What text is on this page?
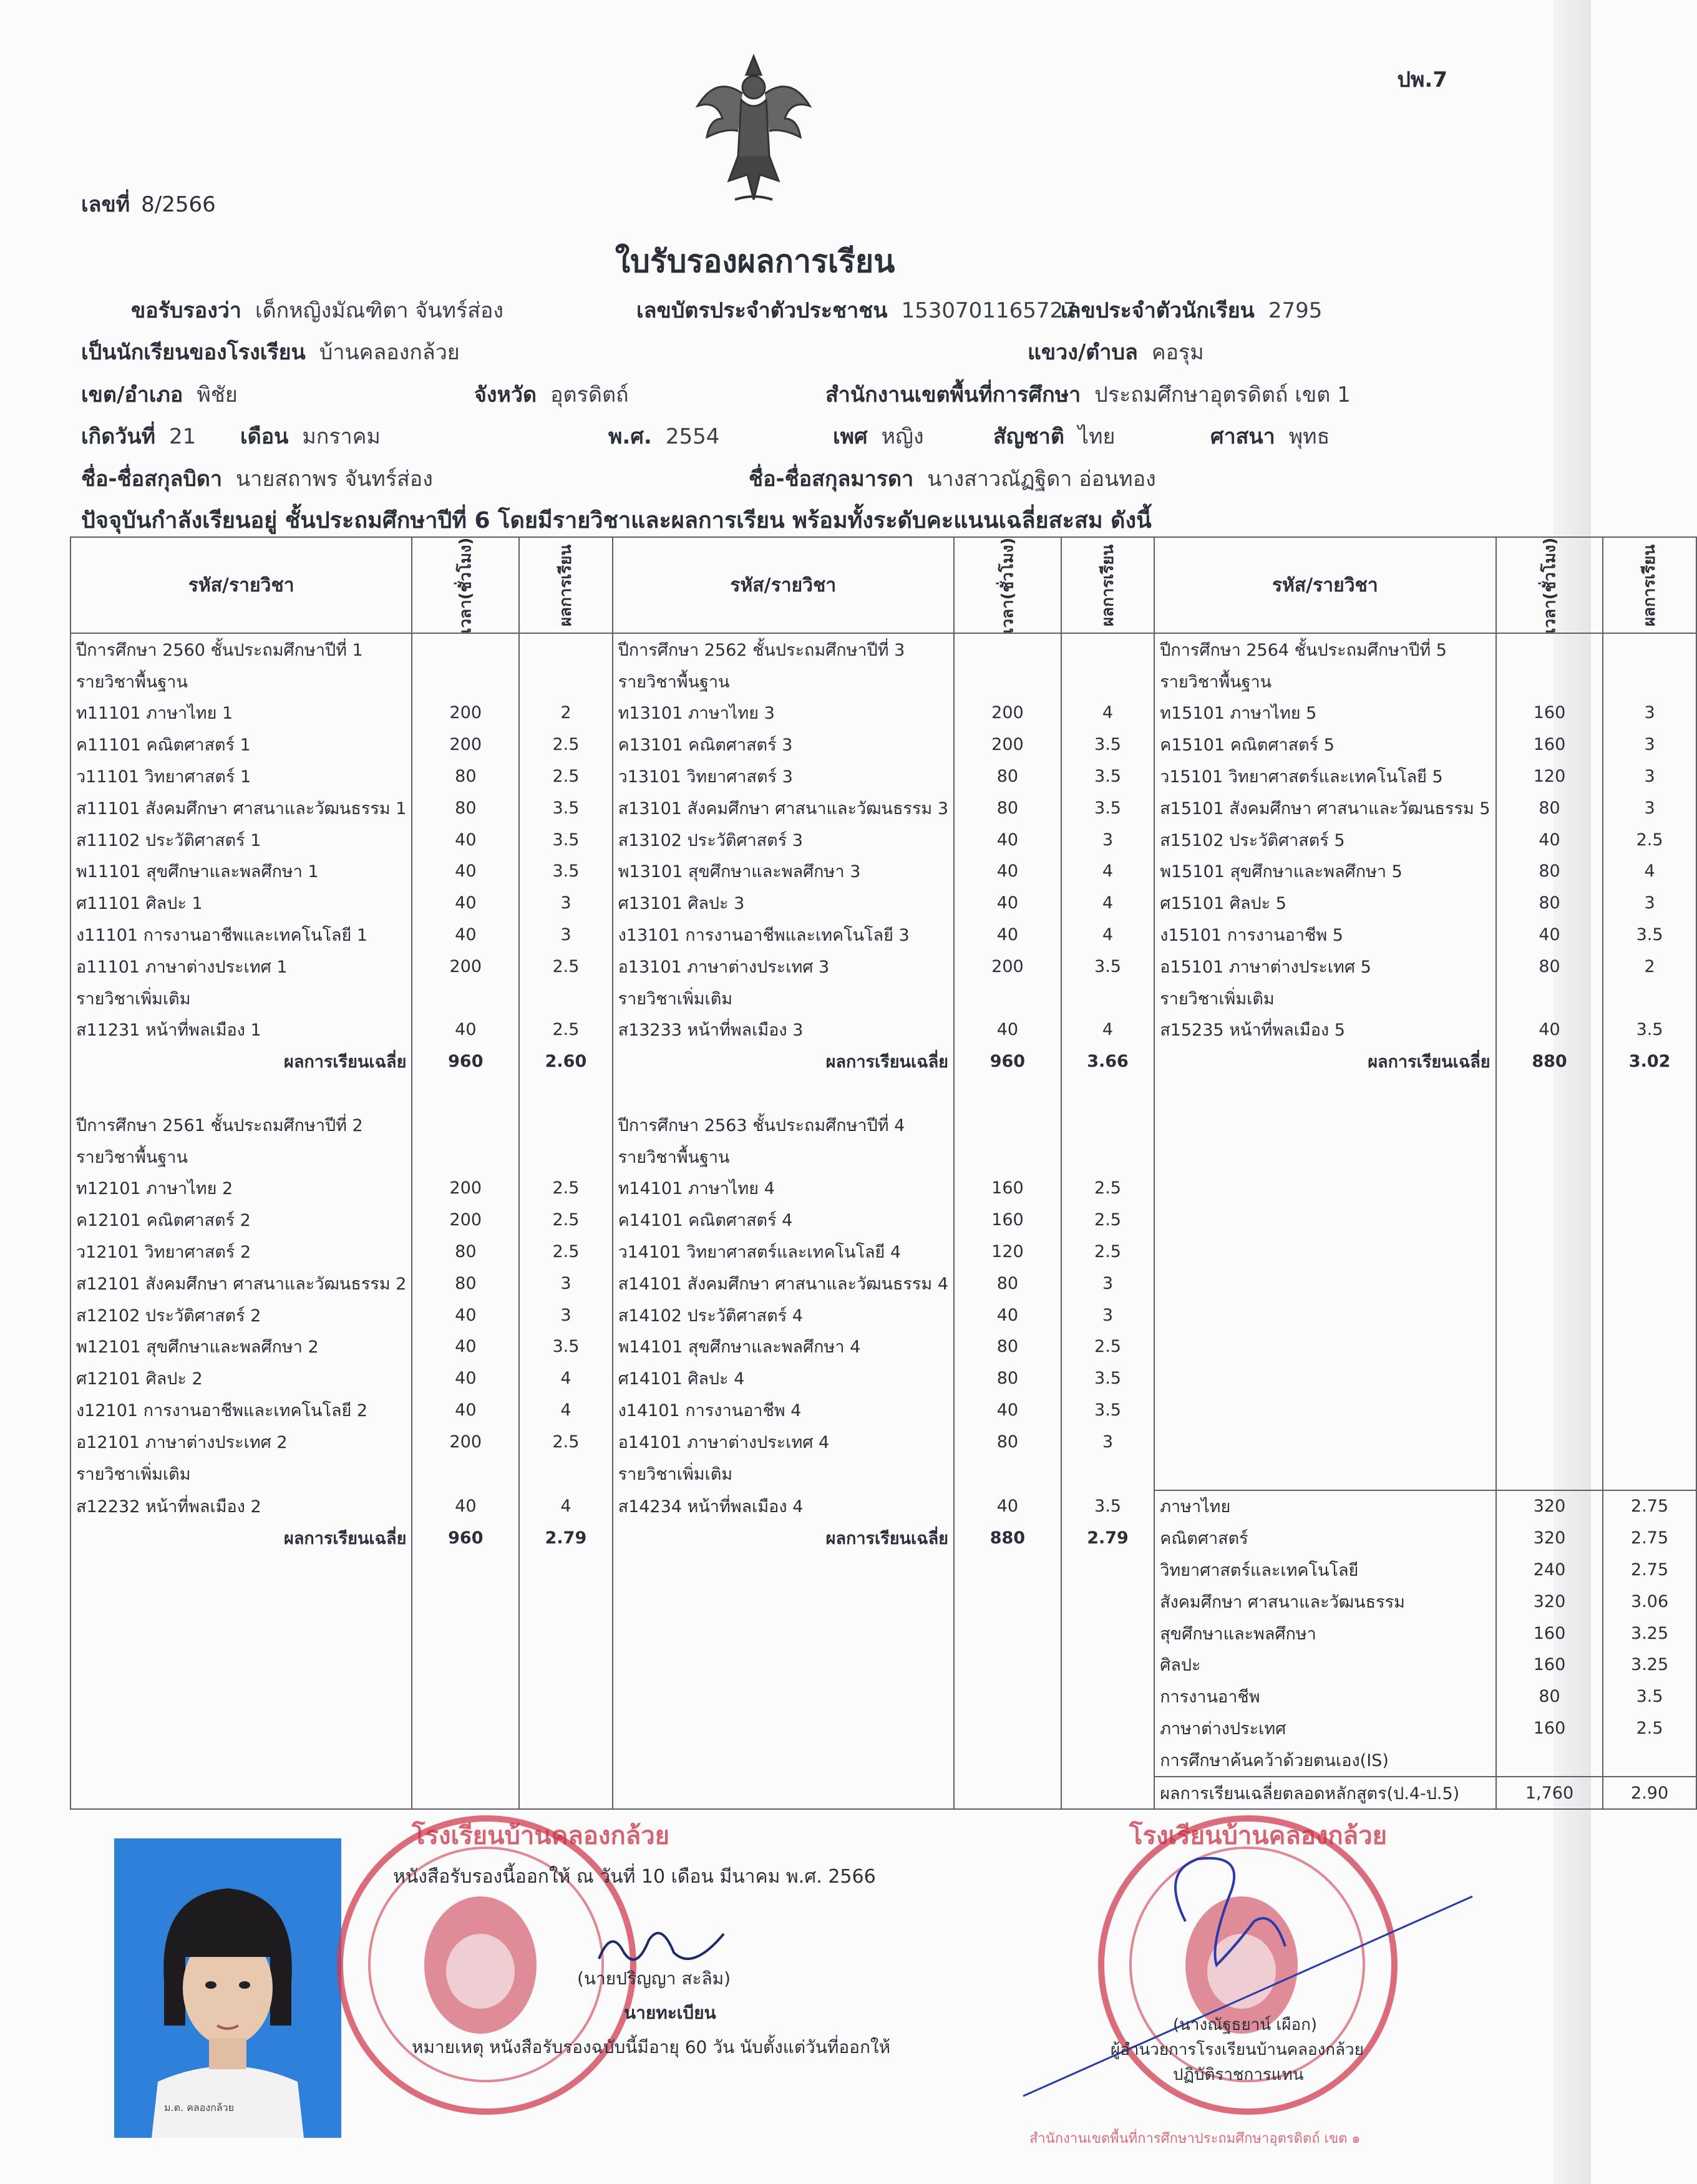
ปพ.7
เลขที่ 8/2566
ใบรับรองผลการเรียน
ขอรับรองว่า เด็กหญิงมัณฑิตา จันทร์ส่อง	เลขบัตรประจำตัวประชาชน 1530701165727
เลขประจำตัวนักเรียน 2795
เป็นนักเรียนของโรงเรียน บ้านคลองกล้วย	แขวง/ตำบล คอรุม
เขต/อำเภอ พิชัย	จังหวัด อุตรดิตถ์	สำนักงานเขตพื้นที่การศึกษา ประถมศึกษาอุตรดิตถ์ เขต 1
เกิดวันที่ 21 เดือน มกราคม	พ.ศ. 2554	เพศ หญิง	สัญชาติ ไทย	ศาสนา พุทธ
ชื่อ-ชื่อสกุลบิดา นายสถาพร จันทร์ส่อง	ชื่อ-ชื่อสกุลมารดา นางสาวณัฏฐิดา อ่อนทอง
ปัจจุบันกำลังเรียนอยู่ ชั้นประถมศึกษาปีที่ 6 โดยมีรายวิชาและผลการเรียน พร้อมทั้งระดับคะแนนเฉลี่ยสะสม ดังนี้
รหัส/รายวิชา	เวลา(ชั่วโมง)	ผลการเรียน	รหัส/รายวิชา	เวลา(ชั่วโมง)	ผลการเรียน	รหัส/รายวิชา	เวลา(ชั่วโมง)	ผลการเรียน
ปีการศึกษา 2560 ชั้นประถมศึกษาปีที่ 1			ปีการศึกษา 2562 ชั้นประถมศึกษาปีที่ 3			ปีการศึกษา 2564 ชั้นประถมศึกษาปีที่ 5		
รายวิชาพื้นฐาน			รายวิชาพื้นฐาน			รายวิชาพื้นฐาน		
ท11101 ภาษาไทย 1	200	2	ท13101 ภาษาไทย 3	200	4	ท15101 ภาษาไทย 5	160	3
ค11101 คณิตศาสตร์ 1	200	2.5	ค13101 คณิตศาสตร์ 3	200	3.5	ค15101 คณิตศาสตร์ 5	160	3
ว11101 วิทยาศาสตร์ 1	80	2.5	ว13101 วิทยาศาสตร์ 3	80	3.5	ว15101 วิทยาศาสตร์และเทคโนโลยี 5	120	3
ส11101 สังคมศึกษา ศาสนาและวัฒนธรรม 1	80	3.5	ส13101 สังคมศึกษา ศาสนาและวัฒนธรรม 3	80	3.5	ส15101 สังคมศึกษา ศาสนาและวัฒนธรรม 5	80	3
ส11102 ประวัติศาสตร์ 1	40	3.5	ส13102 ประวัติศาสตร์ 3	40	3	ส15102 ประวัติศาสตร์ 5	40	2.5
พ11101 สุขศึกษาและพลศึกษา 1	40	3.5	พ13101 สุขศึกษาและพลศึกษา 3	40	4	พ15101 สุขศึกษาและพลศึกษา 5	80	4
ศ11101 ศิลปะ 1	40	3	ศ13101 ศิลปะ 3	40	4	ศ15101 ศิลปะ 5	80	3
ง11101 การงานอาชีพและเทคโนโลยี 1	40	3	ง13101 การงานอาชีพและเทคโนโลยี 3	40	4	ง15101 การงานอาชีพ 5	40	3.5
อ11101 ภาษาต่างประเทศ 1	200	2.5	อ13101 ภาษาต่างประเทศ 3	200	3.5	อ15101 ภาษาต่างประเทศ 5	80	2
รายวิชาเพิ่มเติม			รายวิชาเพิ่มเติม			รายวิชาเพิ่มเติม		
ส11231 หน้าที่พลเมือง 1	40	2.5	ส13233 หน้าที่พลเมือง 3	40	4	ส15235 หน้าที่พลเมือง 5	40	3.5
ผลการเรียนเฉลี่ย	960	2.60	ผลการเรียนเฉลี่ย	960	3.66	ผลการเรียนเฉลี่ย	880	3.02

ปีการศึกษา 2561 ชั้นประถมศึกษาปีที่ 2			ปีการศึกษา 2563 ชั้นประถมศึกษาปีที่ 4					
รายวิชาพื้นฐาน			รายวิชาพื้นฐาน					
ท12101 ภาษาไทย 2	200	2.5	ท14101 ภาษาไทย 4	160	2.5			
ค12101 คณิตศาสตร์ 2	200	2.5	ค14101 คณิตศาสตร์ 4	160	2.5			
ว12101 วิทยาศาสตร์ 2	80	2.5	ว14101 วิทยาศาสตร์และเทคโนโลยี 4	120	2.5			
ส12101 สังคมศึกษา ศาสนาและวัฒนธรรม 2	80	3	ส14101 สังคมศึกษา ศาสนาและวัฒนธรรม 4	80	3			
ส12102 ประวัติศาสตร์ 2	40	3	ส14102 ประวัติศาสตร์ 4	40	3			
พ12101 สุขศึกษาและพลศึกษา 2	40	3.5	พ14101 สุขศึกษาและพลศึกษา 4	80	2.5			
ศ12101 ศิลปะ 2	40	4	ศ14101 ศิลปะ 4	80	3.5			
ง12101 การงานอาชีพและเทคโนโลยี 2	40	4	ง14101 การงานอาชีพ 4	40	3.5			
อ12101 ภาษาต่างประเทศ 2	200	2.5	อ14101 ภาษาต่างประเทศ 4	80	3			
รายวิชาเพิ่มเติม			รายวิชาเพิ่มเติม					
ส12232 หน้าที่พลเมือง 2	40	4	ส14234 หน้าที่พลเมือง 4	40	3.5	ภาษาไทย	320	2.75
ผลการเรียนเฉลี่ย	960	2.79	ผลการเรียนเฉลี่ย	880	2.79	คณิตศาสตร์	320	2.75
						วิทยาศาสตร์และเทคโนโลยี	240	2.75
						สังคมศึกษา ศาสนาและวัฒนธรรม	320	3.06
						สุขศึกษาและพลศึกษา	160	3.25
						ศิลปะ	160	3.25
						การงานอาชีพ	80	3.5
						ภาษาต่างประเทศ	160	2.5
						การศึกษาค้นคว้าด้วยตนเอง(IS)		
						ผลการเรียนเฉลี่ยตลอดหลักสูตร(ป.4-ป.5)	1,760	2.90
ม.ต. คลองกล้วย
โรงเรียนบ้านคลองกล้วย	โรงเรียนบ้านคลองกล้วย
สำนักงานเขตพื้นที่การศึกษาประถมศึกษาอุตรดิตถ์ เขต ๑
หนังสือรับรองนี้ออกให้ ณ วันที่ 10 เดือน มีนาคม พ.ศ. 2566
(นายปริญญา สะลิม)
นายทะเบียน
หมายเหตุ หนังสือรับรองฉบับนี้มีอายุ 60 วัน นับตั้งแต่วันที่ออกให้
(นางณัฐธยาน์ เผือก)
ผู้อำนวยการโรงเรียนบ้านคลองกล้วย
ปฏิบัติราชการแทน
